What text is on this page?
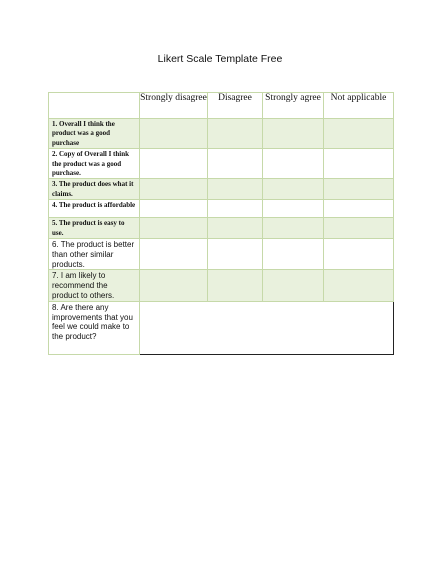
Likert Scale Template Free
	Strongly disagree	Disagree	Strongly agree	Not applicable
1. Overall I think the product was a good purchase				
2. Copy of Overall I think the product was a good purchase.				
3. The product does what it claims.				
4. The product is affordable				
5. The product is easy to use.				
6. The product is better than other similar products.				
7. I am likely to recommend the product to others.				
8. Are there any improvements that you feel we could make to the product?				
